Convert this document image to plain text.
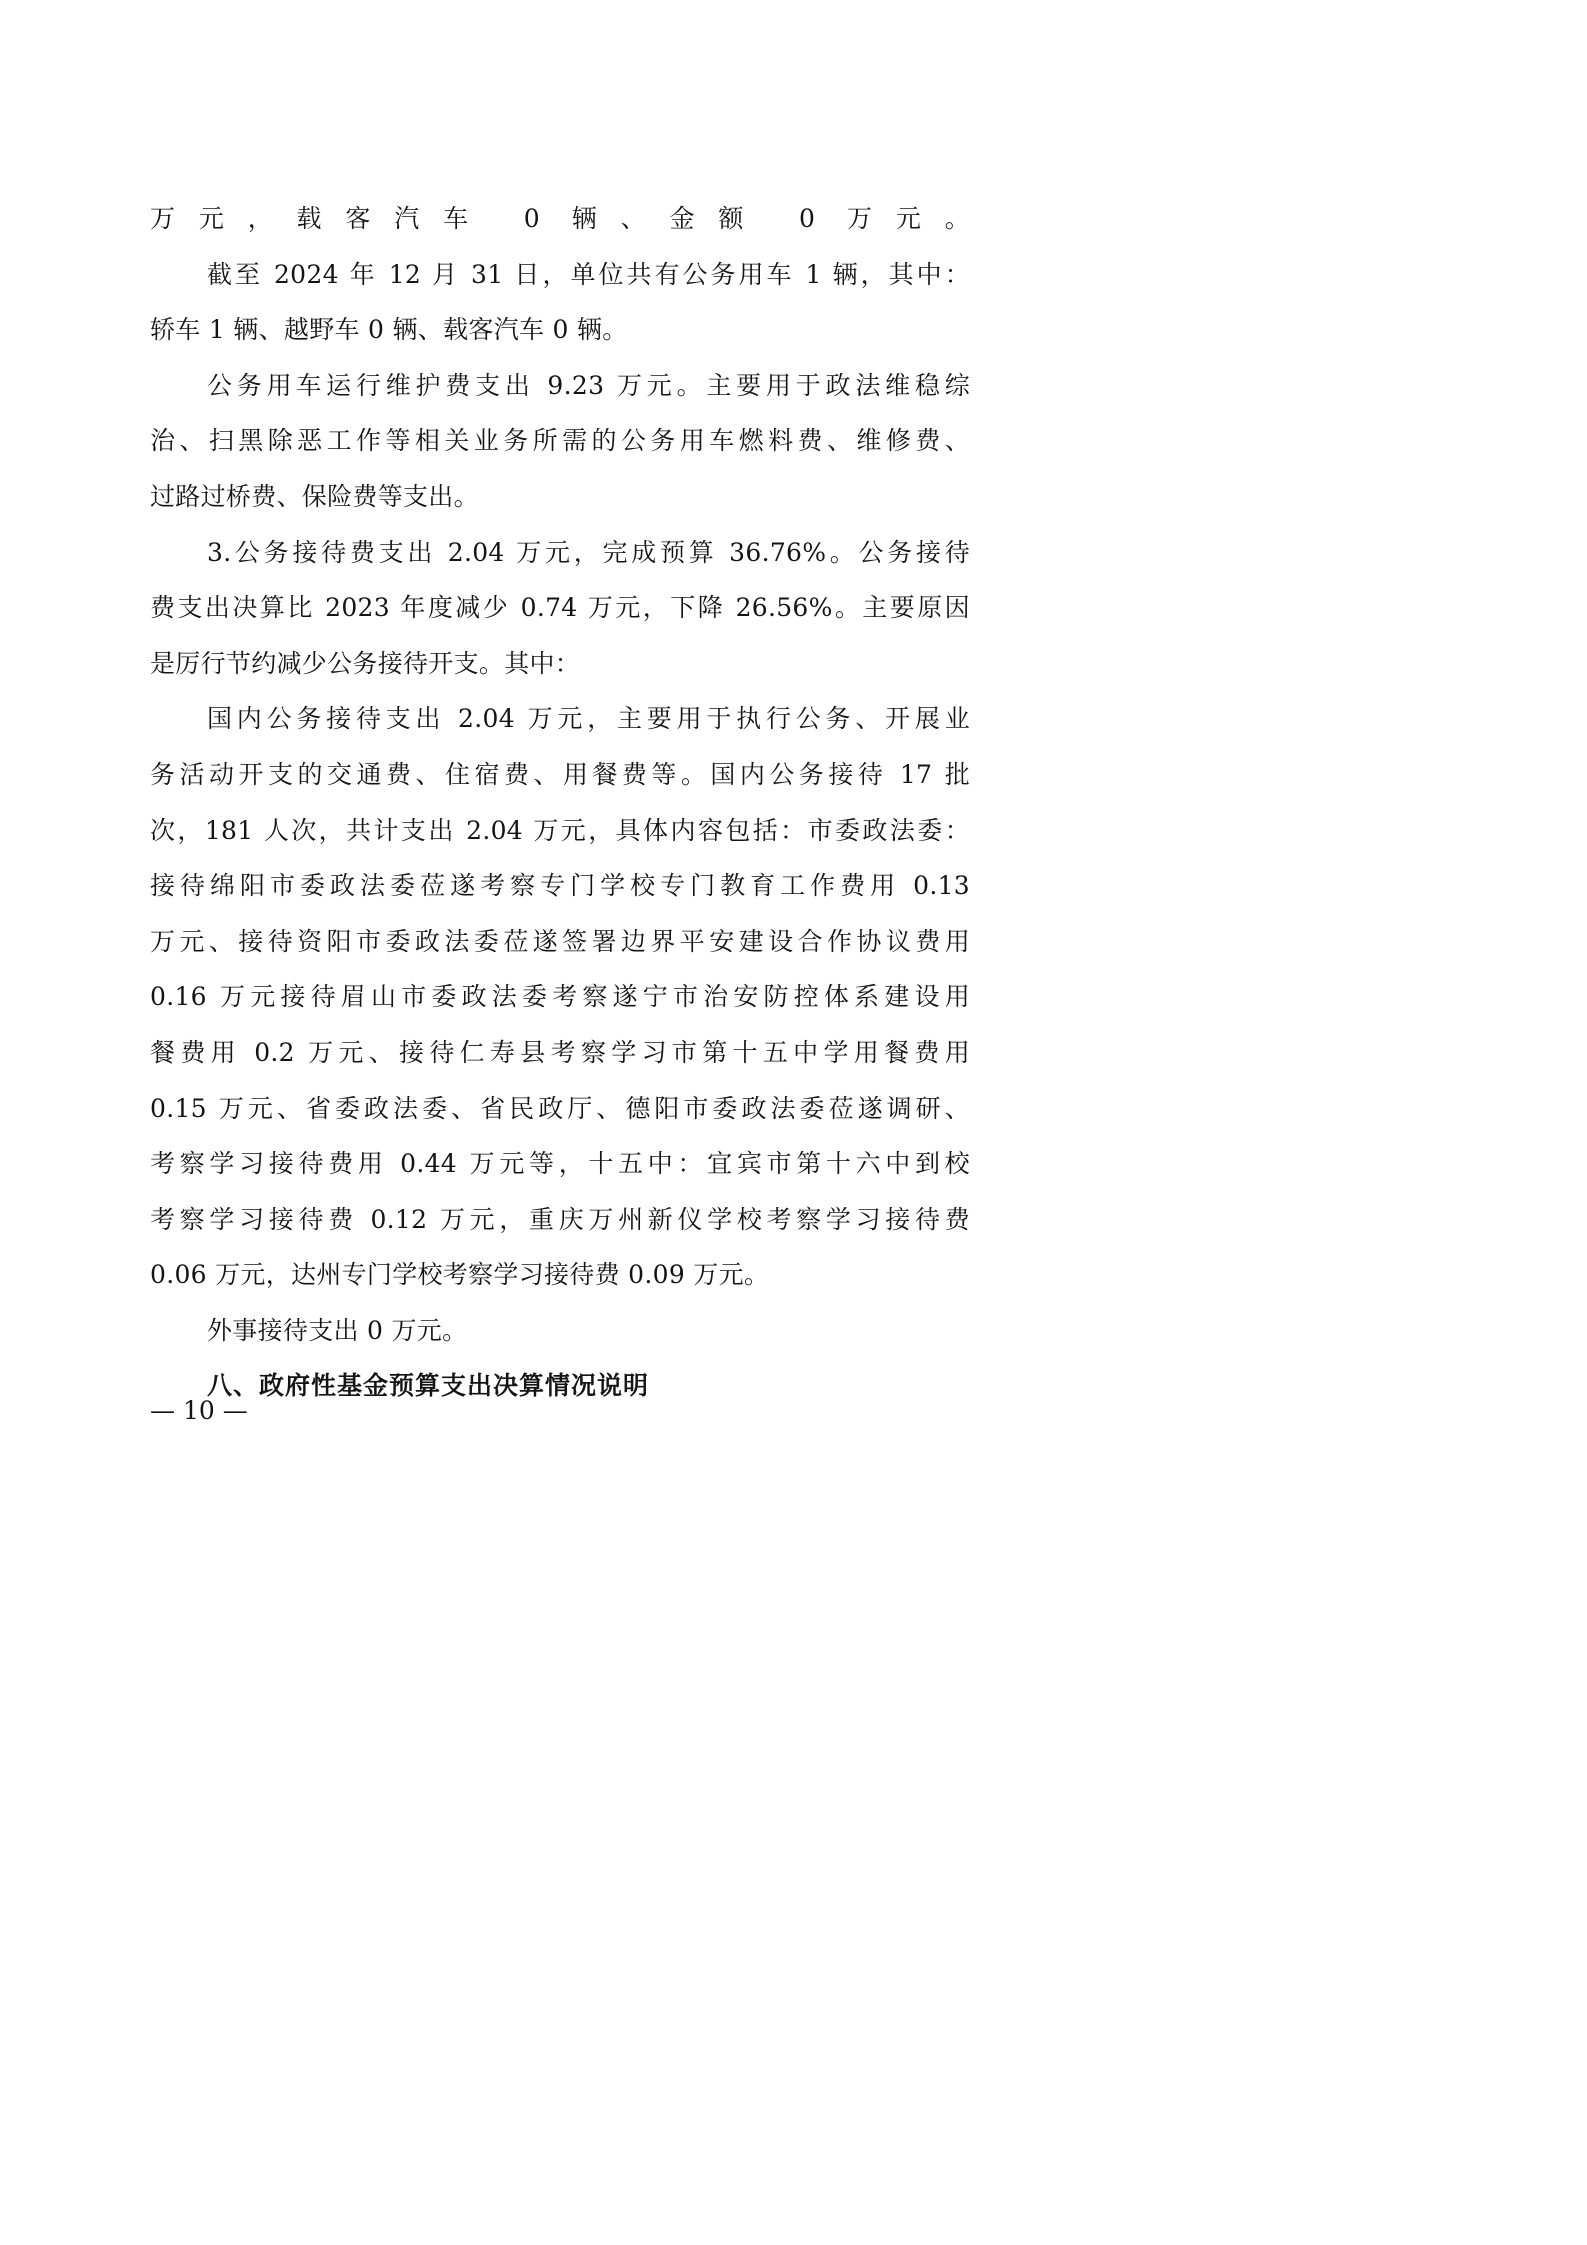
万元，载客汽车 0 辆、金额 0 万元。
截至 2024 年 12 月 31 日，单位共有公务用车 1 辆，其中：
轿车 1 辆、越野车 0 辆、载客汽车 0 辆。
公务用车运行维护费支出 9.23 万元。主要用于政法维稳综
治、扫黑除恶工作等相关业务所需的公务用车燃料费、维修费、
过路过桥费、保险费等支出。
3.公务接待费支出 2.04 万元，完成预算 36.76%。公务接待
费支出决算比 2023 年度减少 0.74 万元，下降 26.56%。主要原因
是厉行节约减少公务接待开支。其中：
国内公务接待支出 2.04 万元，主要用于执行公务、开展业
务活动开支的交通费、住宿费、用餐费等。国内公务接待 17 批
次，181 人次，共计支出 2.04 万元，具体内容包括：市委政法委：
接待绵阳市委政法委莅遂考察专门学校专门教育工作费用 0.13
万元、接待资阳市委政法委莅遂签署边界平安建设合作协议费用
0.16 万元接待眉山市委政法委考察遂宁市治安防控体系建设用
餐费用 0.2 万元、接待仁寿县考察学习市第十五中学用餐费用
0.15 万元、省委政法委、省民政厅、德阳市委政法委莅遂调研、
考察学习接待费用 0.44 万元等，十五中：宜宾市第十六中到校
考察学习接待费 0.12 万元，重庆万州新仪学校考察学习接待费
0.06 万元，达州专门学校考察学习接待费 0.09 万元。
外事接待支出 0 万元。
八、政府性基金预算支出决算情况说明
— 10 —
